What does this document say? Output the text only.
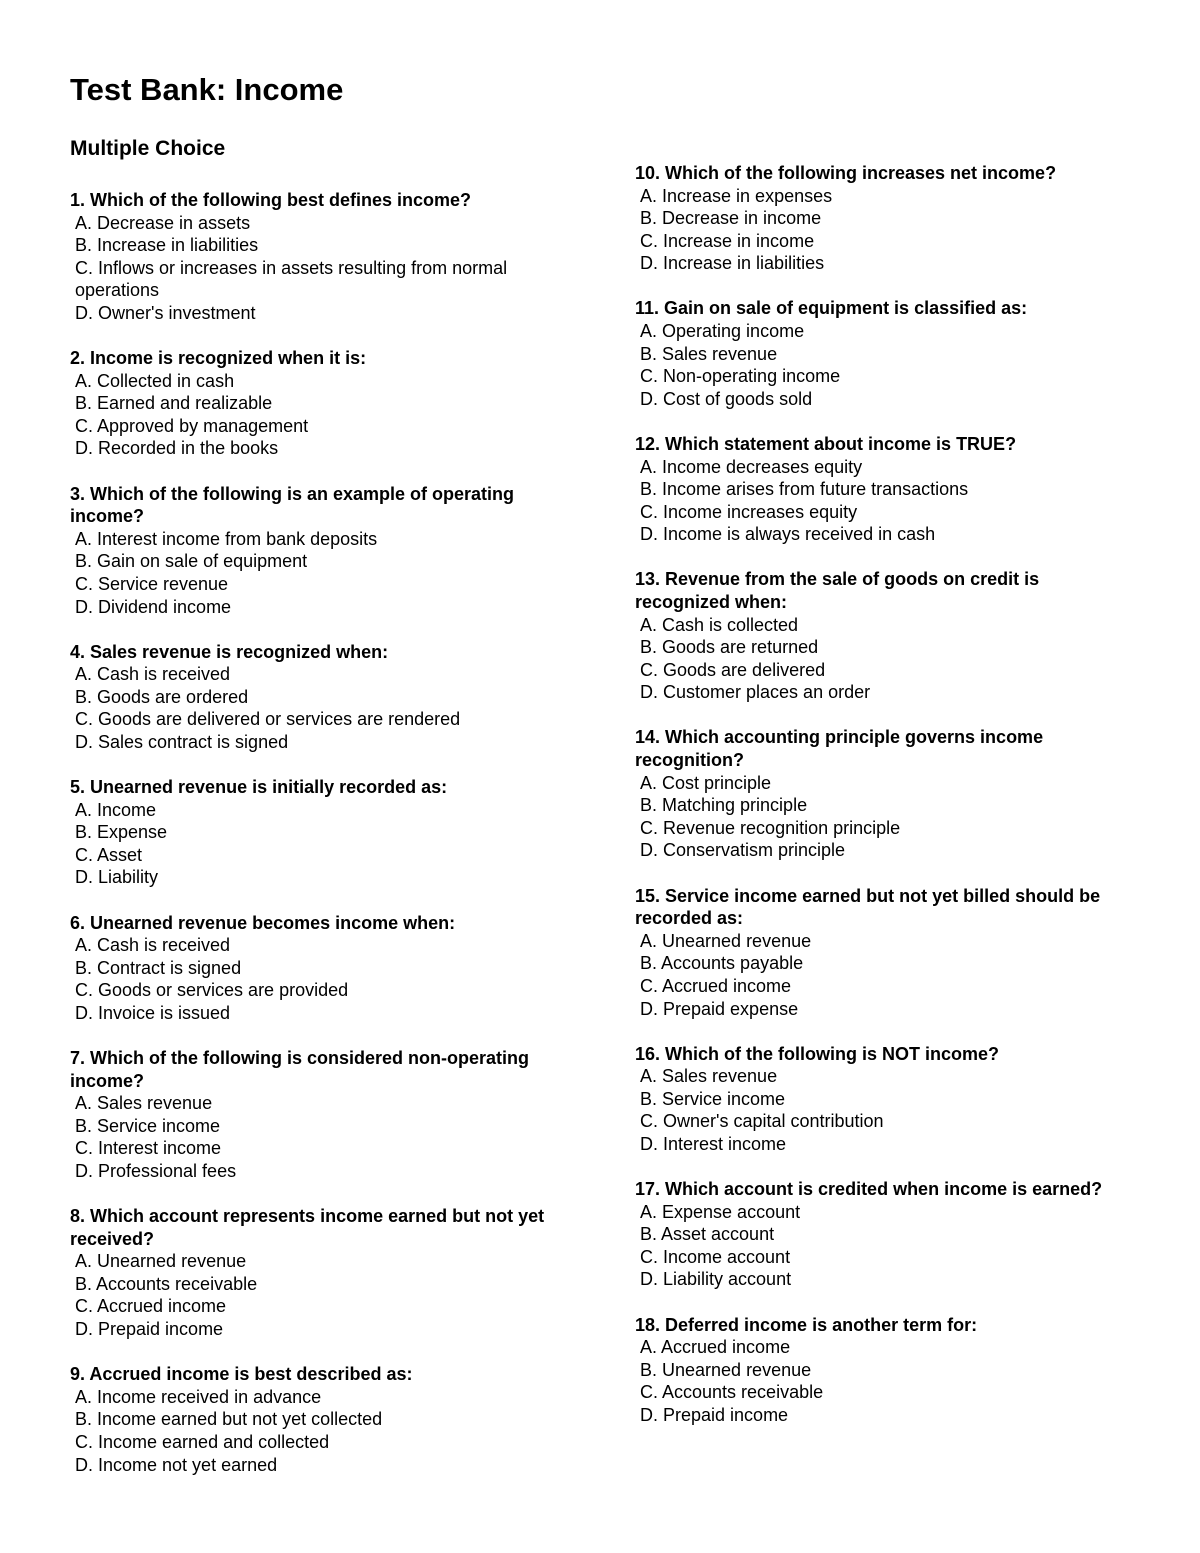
Test Bank: Income
Multiple Choice
1. Which of the following best defines income?
A. Decrease in assets
B. Increase in liabilities
C. Inflows or increases in assets resulting from normal operations
D. Owner's investment
2. Income is recognized when it is:
A. Collected in cash
B. Earned and realizable
C. Approved by management
D. Recorded in the books
3. Which of the following is an example of operating income?
A. Interest income from bank deposits
B. Gain on sale of equipment
C. Service revenue
D. Dividend income
4. Sales revenue is recognized when:
A. Cash is received
B. Goods are ordered
C. Goods are delivered or services are rendered
D. Sales contract is signed
5. Unearned revenue is initially recorded as:
A. Income
B. Expense
C. Asset
D. Liability
6. Unearned revenue becomes income when:
A. Cash is received
B. Contract is signed
C. Goods or services are provided
D. Invoice is issued
7. Which of the following is considered non-operating income?
A. Sales revenue
B. Service income
C. Interest income
D. Professional fees
8. Which account represents income earned but not yet received?
A. Unearned revenue
B. Accounts receivable
C. Accrued income
D. Prepaid income
9. Accrued income is best described as:
A. Income received in advance
B. Income earned but not yet collected
C. Income earned and collected
D. Income not yet earned
10. Which of the following increases net income?
A. Increase in expenses
B. Decrease in income
C. Increase in income
D. Increase in liabilities
11. Gain on sale of equipment is classified as:
A. Operating income
B. Sales revenue
C. Non-operating income
D. Cost of goods sold
12. Which statement about income is TRUE?
A. Income decreases equity
B. Income arises from future transactions
C. Income increases equity
D. Income is always received in cash
13. Revenue from the sale of goods on credit is recognized when:
A. Cash is collected
B. Goods are returned
C. Goods are delivered
D. Customer places an order
14. Which accounting principle governs income recognition?
A. Cost principle
B. Matching principle
C. Revenue recognition principle
D. Conservatism principle
15. Service income earned but not yet billed should be recorded as:
A. Unearned revenue
B. Accounts payable
C. Accrued income
D. Prepaid expense
16. Which of the following is NOT income?
A. Sales revenue
B. Service income
C. Owner's capital contribution
D. Interest income
17. Which account is credited when income is earned?
A. Expense account
B. Asset account
C. Income account
D. Liability account
18. Deferred income is another term for:
A. Accrued income
B. Unearned revenue
C. Accounts receivable
D. Prepaid income
